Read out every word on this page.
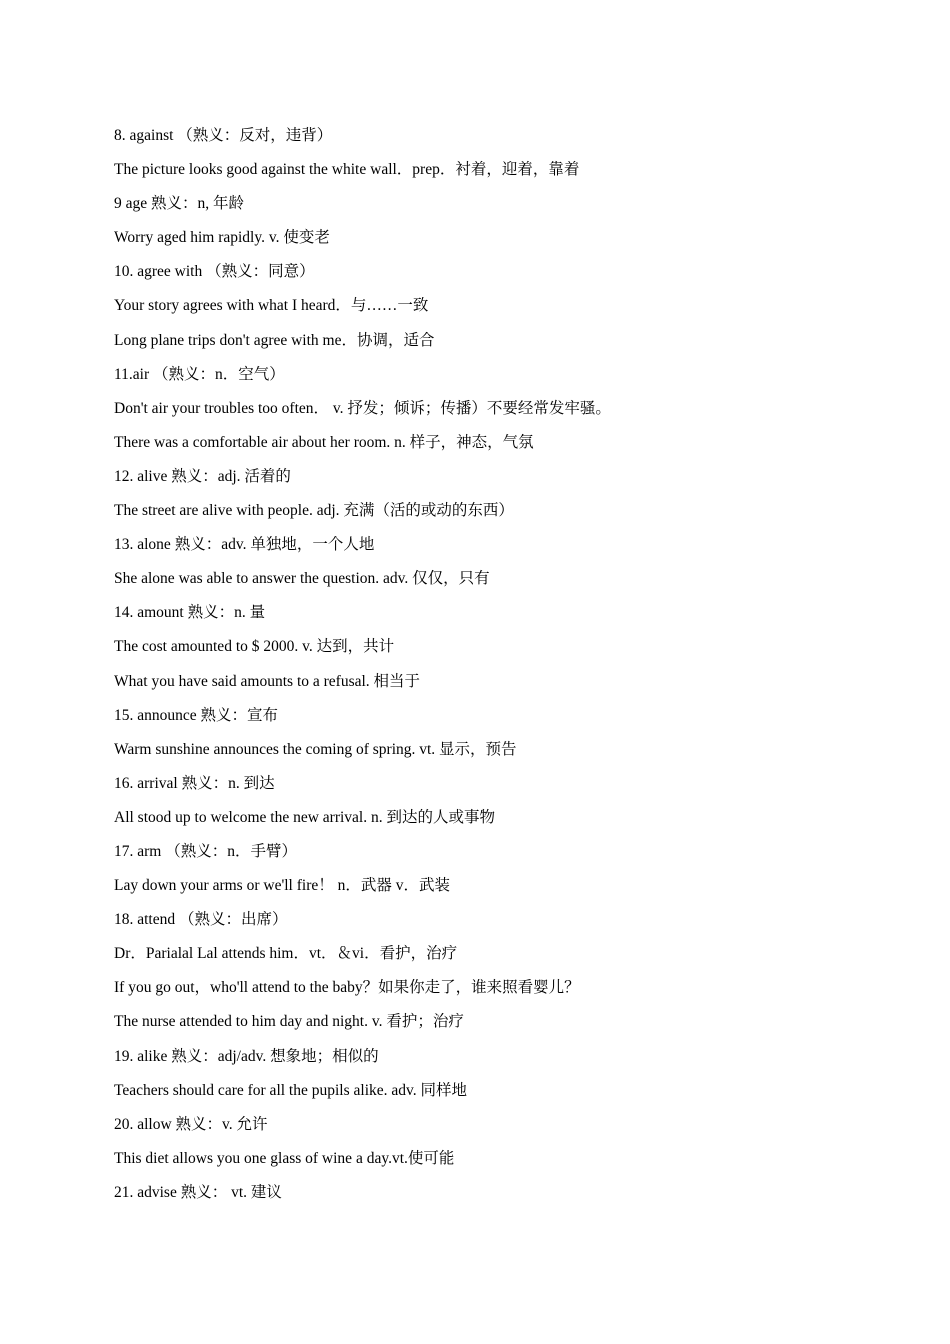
8. against （熟义：反对，违背）
The picture looks good against the white wall．prep．衬着，迎着，靠着
9 age 熟义：n, 年龄
Worry aged him rapidly. v. 使变老
10. agree with （熟义：同意）
Your story agrees with what I heard．与……一致
Long plane trips don't agree with me．协调，适合
11.air （熟义：n．空气）
Don't air your troubles too often． v. 抒发；倾诉；传播）不要经常发牢骚。
There was a comfortable air about her room. n. 样子，神态，气氛
12. alive 熟义：adj. 活着的
The street are alive with people. adj. 充满（活的或动的东西）
13. alone 熟义：adv. 单独地，一个人地
She alone was able to answer the question. adv. 仅仅，只有
14. amount 熟义：n. 量
The cost amounted to $ 2000. v. 达到，共计
What you have said amounts to a refusal. 相当于
15. announce 熟义：宣布
Warm sunshine announces the coming of spring. vt. 显示，预告
16. arrival 熟义：n. 到达
All stood up to welcome the new arrival. n. 到达的人或事物
17. arm （熟义：n．手臂）
Lay down your arms or we'll fire！ n．武器 v．武装
18. attend （熟义：出席）
Dr．Parialal Lal attends him．vt．＆vi．看护，治疗
If you go out，who'll attend to the baby？如果你走了，谁来照看婴儿？
The nurse attended to him day and night. v. 看护；治疗
19. alike 熟义：adj/adv. 想象地；相似的
Teachers should care for all the pupils alike. adv. 同样地
20. allow 熟义：v. 允许
This diet allows you one glass of wine a day.vt.使可能
21. advise 熟义： vt. 建议
